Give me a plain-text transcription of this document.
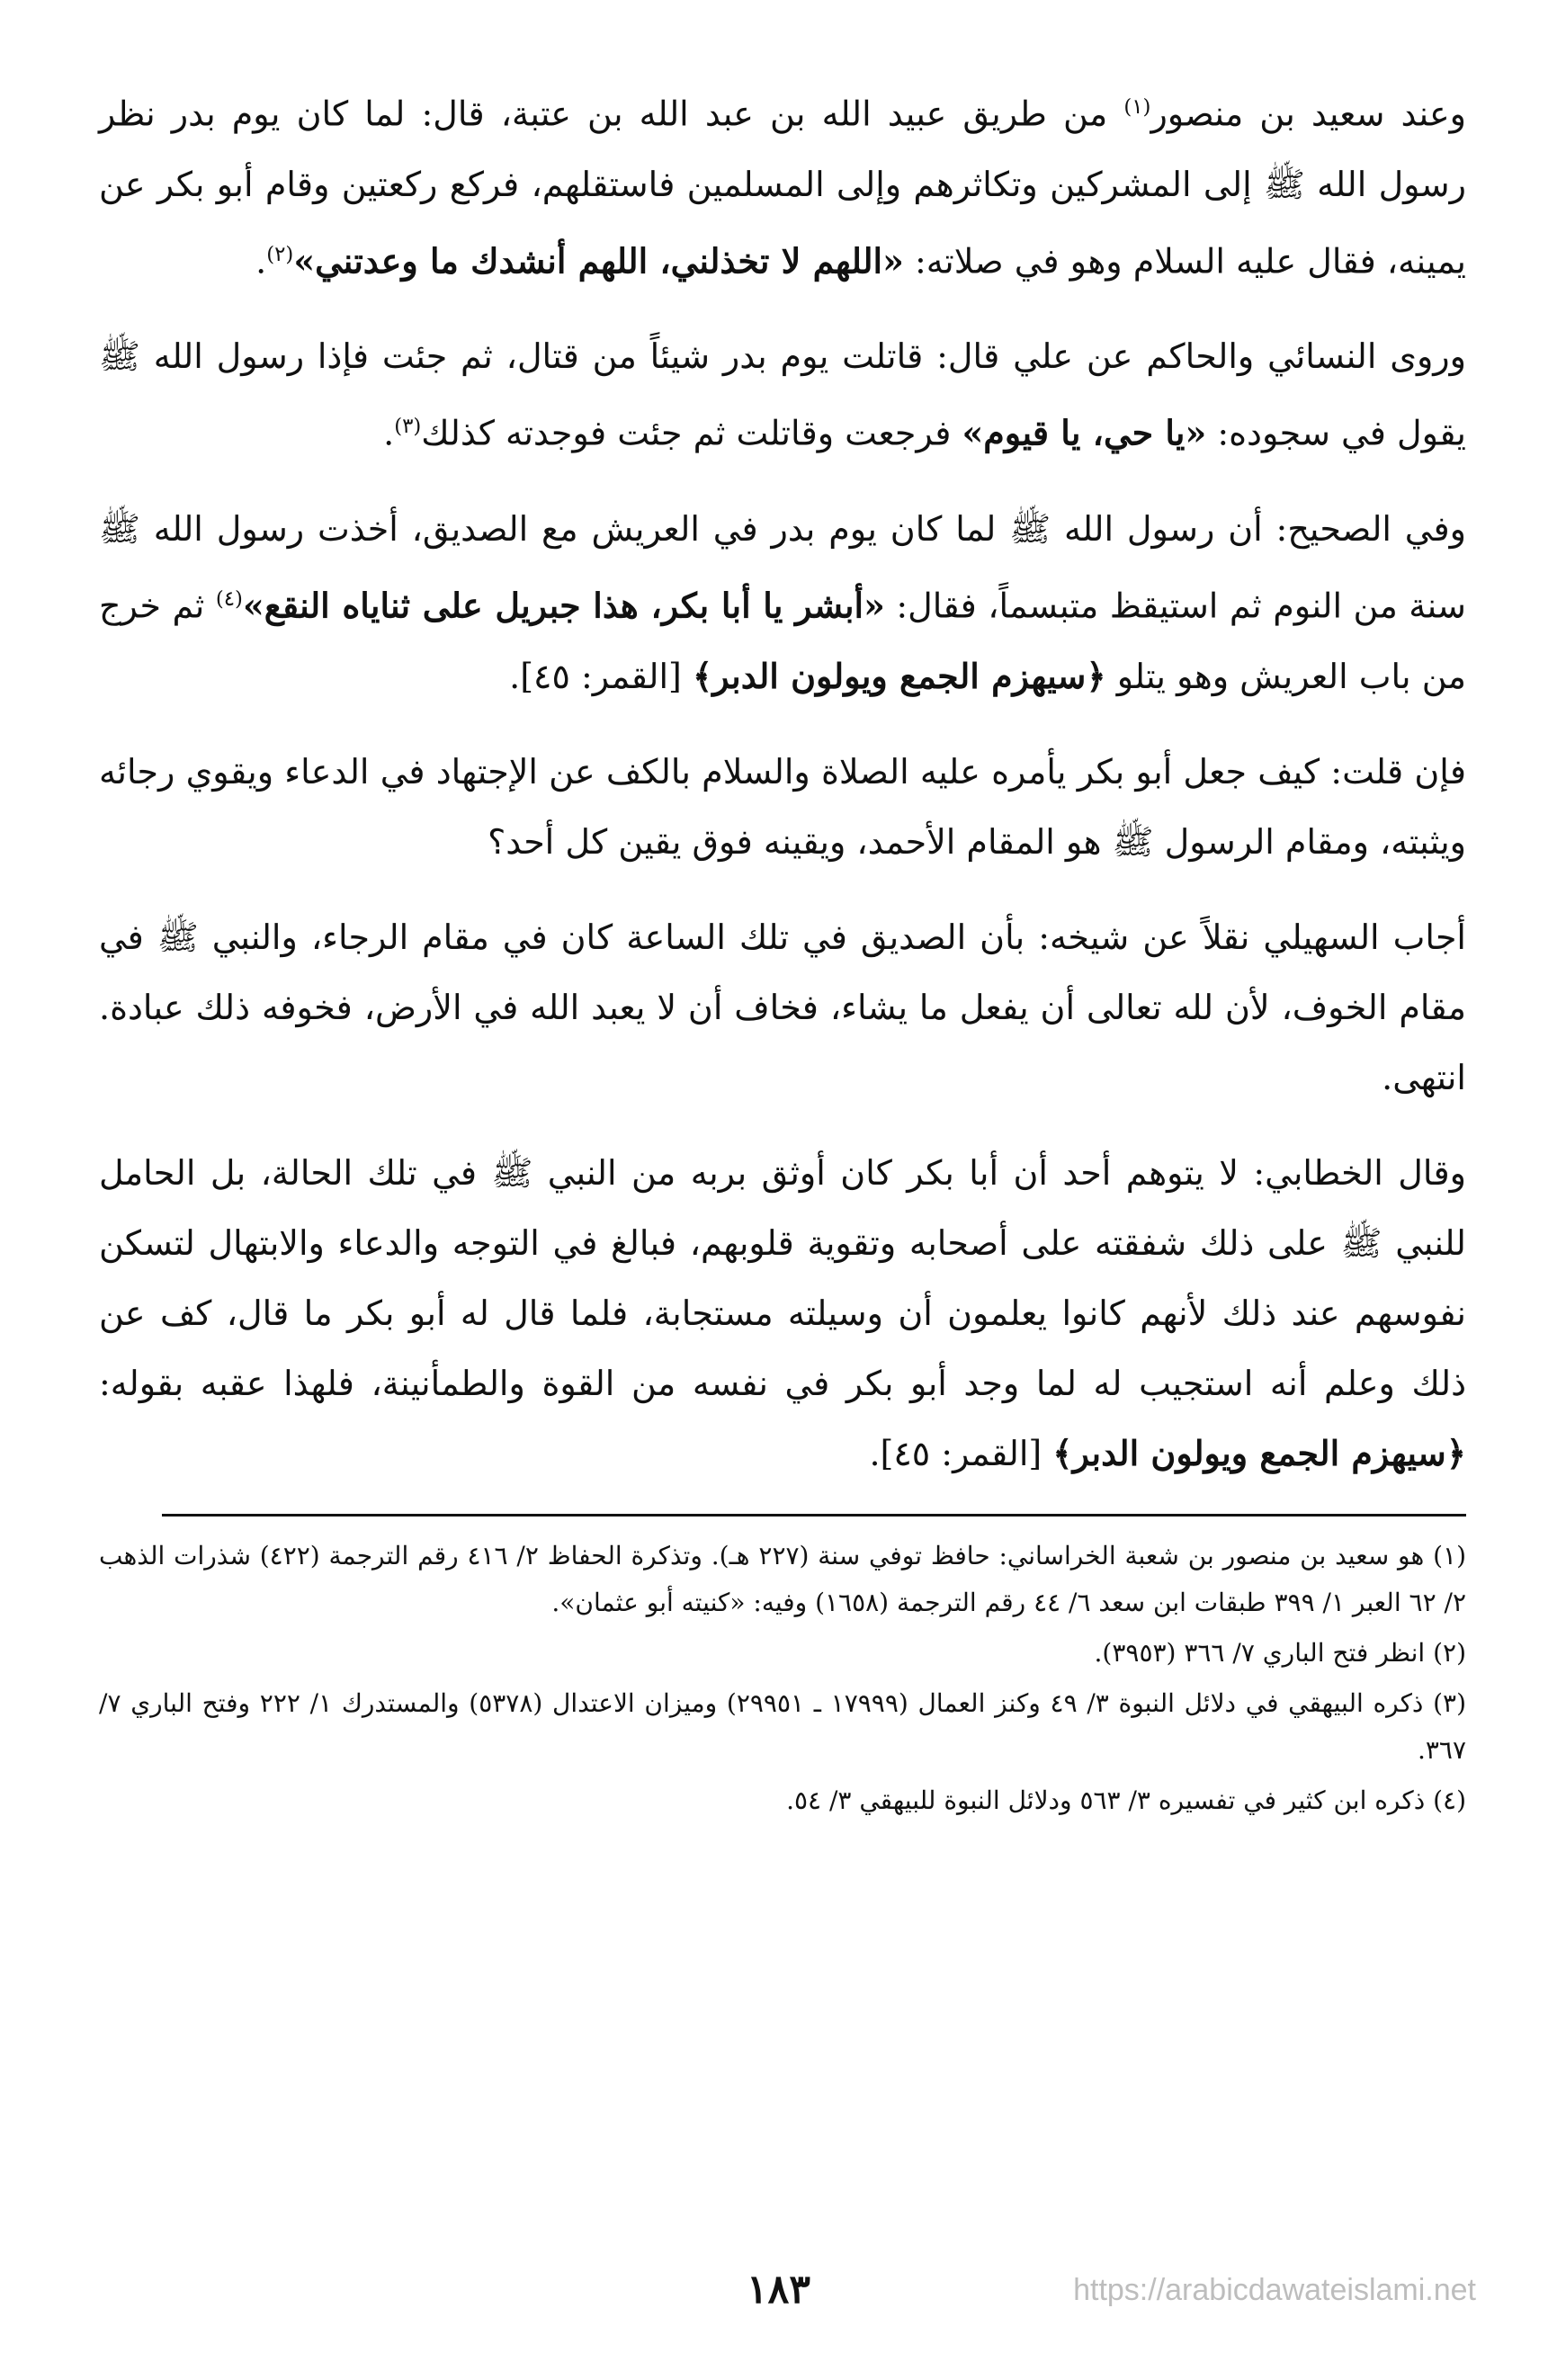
وعند سعيد بن منصور$^{(١)}$ من طريق عبيد الله بن عبد الله بن عتبة، قال: لما كان يوم بدر نظر رسول الله ﷺ إلى المشركين وتكاثرهم وإلى المسلمين فاستقلهم، فركع ركعتين وقام أبو بكر عن يمينه، فقال عليه السلام وهو في صلاته: «اللهم لا تخذلني، اللهم أنشدك ما وعدتني»$^{(٢)}$.

وروى النسائي والحاكم عن علي قال: قاتلت يوم بدر شيئاً من قتال، ثم جئت فإذا رسول الله ﷺ يقول في سجوده: «يا حي، يا قيوم» فرجعت وقاتلت ثم جئت فوجدته كذلك$^{(٣)}$.

وفي الصحيح: أن رسول الله ﷺ لما كان يوم بدر في العريش مع الصديق، أخذت رسول الله ﷺ سنة من النوم ثم استيقظ متبسماً، فقال: «أبشر يا أبا بكر، هذا جبريل على ثناياه النقع»$^{(٤)}$ ثم خرج من باب العريش وهو يتلو ﴿سيهزم الجمع ويولون الدبر﴾ [القمر: ٤٥].

فإن قلت: كيف جعل أبو بكر يأمره عليه الصلاة والسلام بالكف عن الإجتهاد في الدعاء ويقوي رجائه ويثبته، ومقام الرسول ﷺ هو المقام الأحمد، ويقينه فوق يقين كل أحد؟

أجاب السهيلي نقلاً عن شيخه: بأن الصديق في تلك الساعة كان في مقام الرجاء، والنبي ﷺ في مقام الخوف، لأن لله تعالى أن يفعل ما يشاء، فخاف أن لا يعبد الله في الأرض، فخوفه ذلك عبادة. انتهى.

وقال الخطابي: لا يتوهم أحد أن أبا بكر كان أوثق بربه من النبي ﷺ في تلك الحالة، بل الحامل للنبي ﷺ على ذلك شفقته على أصحابه وتقوية قلوبهم، فبالغ في التوجه والدعاء والابتهال لتسكن نفوسهم عند ذلك لأنهم كانوا يعلمون أن وسيلته مستجابة، فلما قال له أبو بكر ما قال، كف عن ذلك وعلم أنه استجيب له لما وجد أبو بكر في نفسه من القوة والطمأنينة، فلهذا عقبه بقوله: ﴿سيهزم الجمع ويولون الدبر﴾ [القمر: ٤٥].

(١) هو سعيد بن منصور بن شعبة الخراساني: حافظ توفي سنة (٢٢٧ هـ). وتذكرة الحفاظ ٢/ ٤١٦ رقم الترجمة (٤٢٢) شذرات الذهب ٢/ ٦٢ العبر ١/ ٣٩٩ طبقات ابن سعد ٦/ ٤٤ رقم الترجمة (١٦٥٨) وفيه: «كنيته أبو عثمان».

(٢) انظر فتح الباري ٧/ ٣٦٦ (٣٩٥٣).

(٣) ذكره البيهقي في دلائل النبوة ٣/ ٤٩ وكنز العمال (١٧٩٩٩ ـ ٢٩٩٥١) وميزان الاعتدال (٥٣٧٨) والمستدرك ١/ ٢٢٢ وفتح الباري ٧/ ٣٦٧.

(٤) ذكره ابن كثير في تفسيره ٣/ ٥٦٣ ودلائل النبوة للبيهقي ٣/ ٥٤.

١٨٣	https://arabicdawateislami.net
